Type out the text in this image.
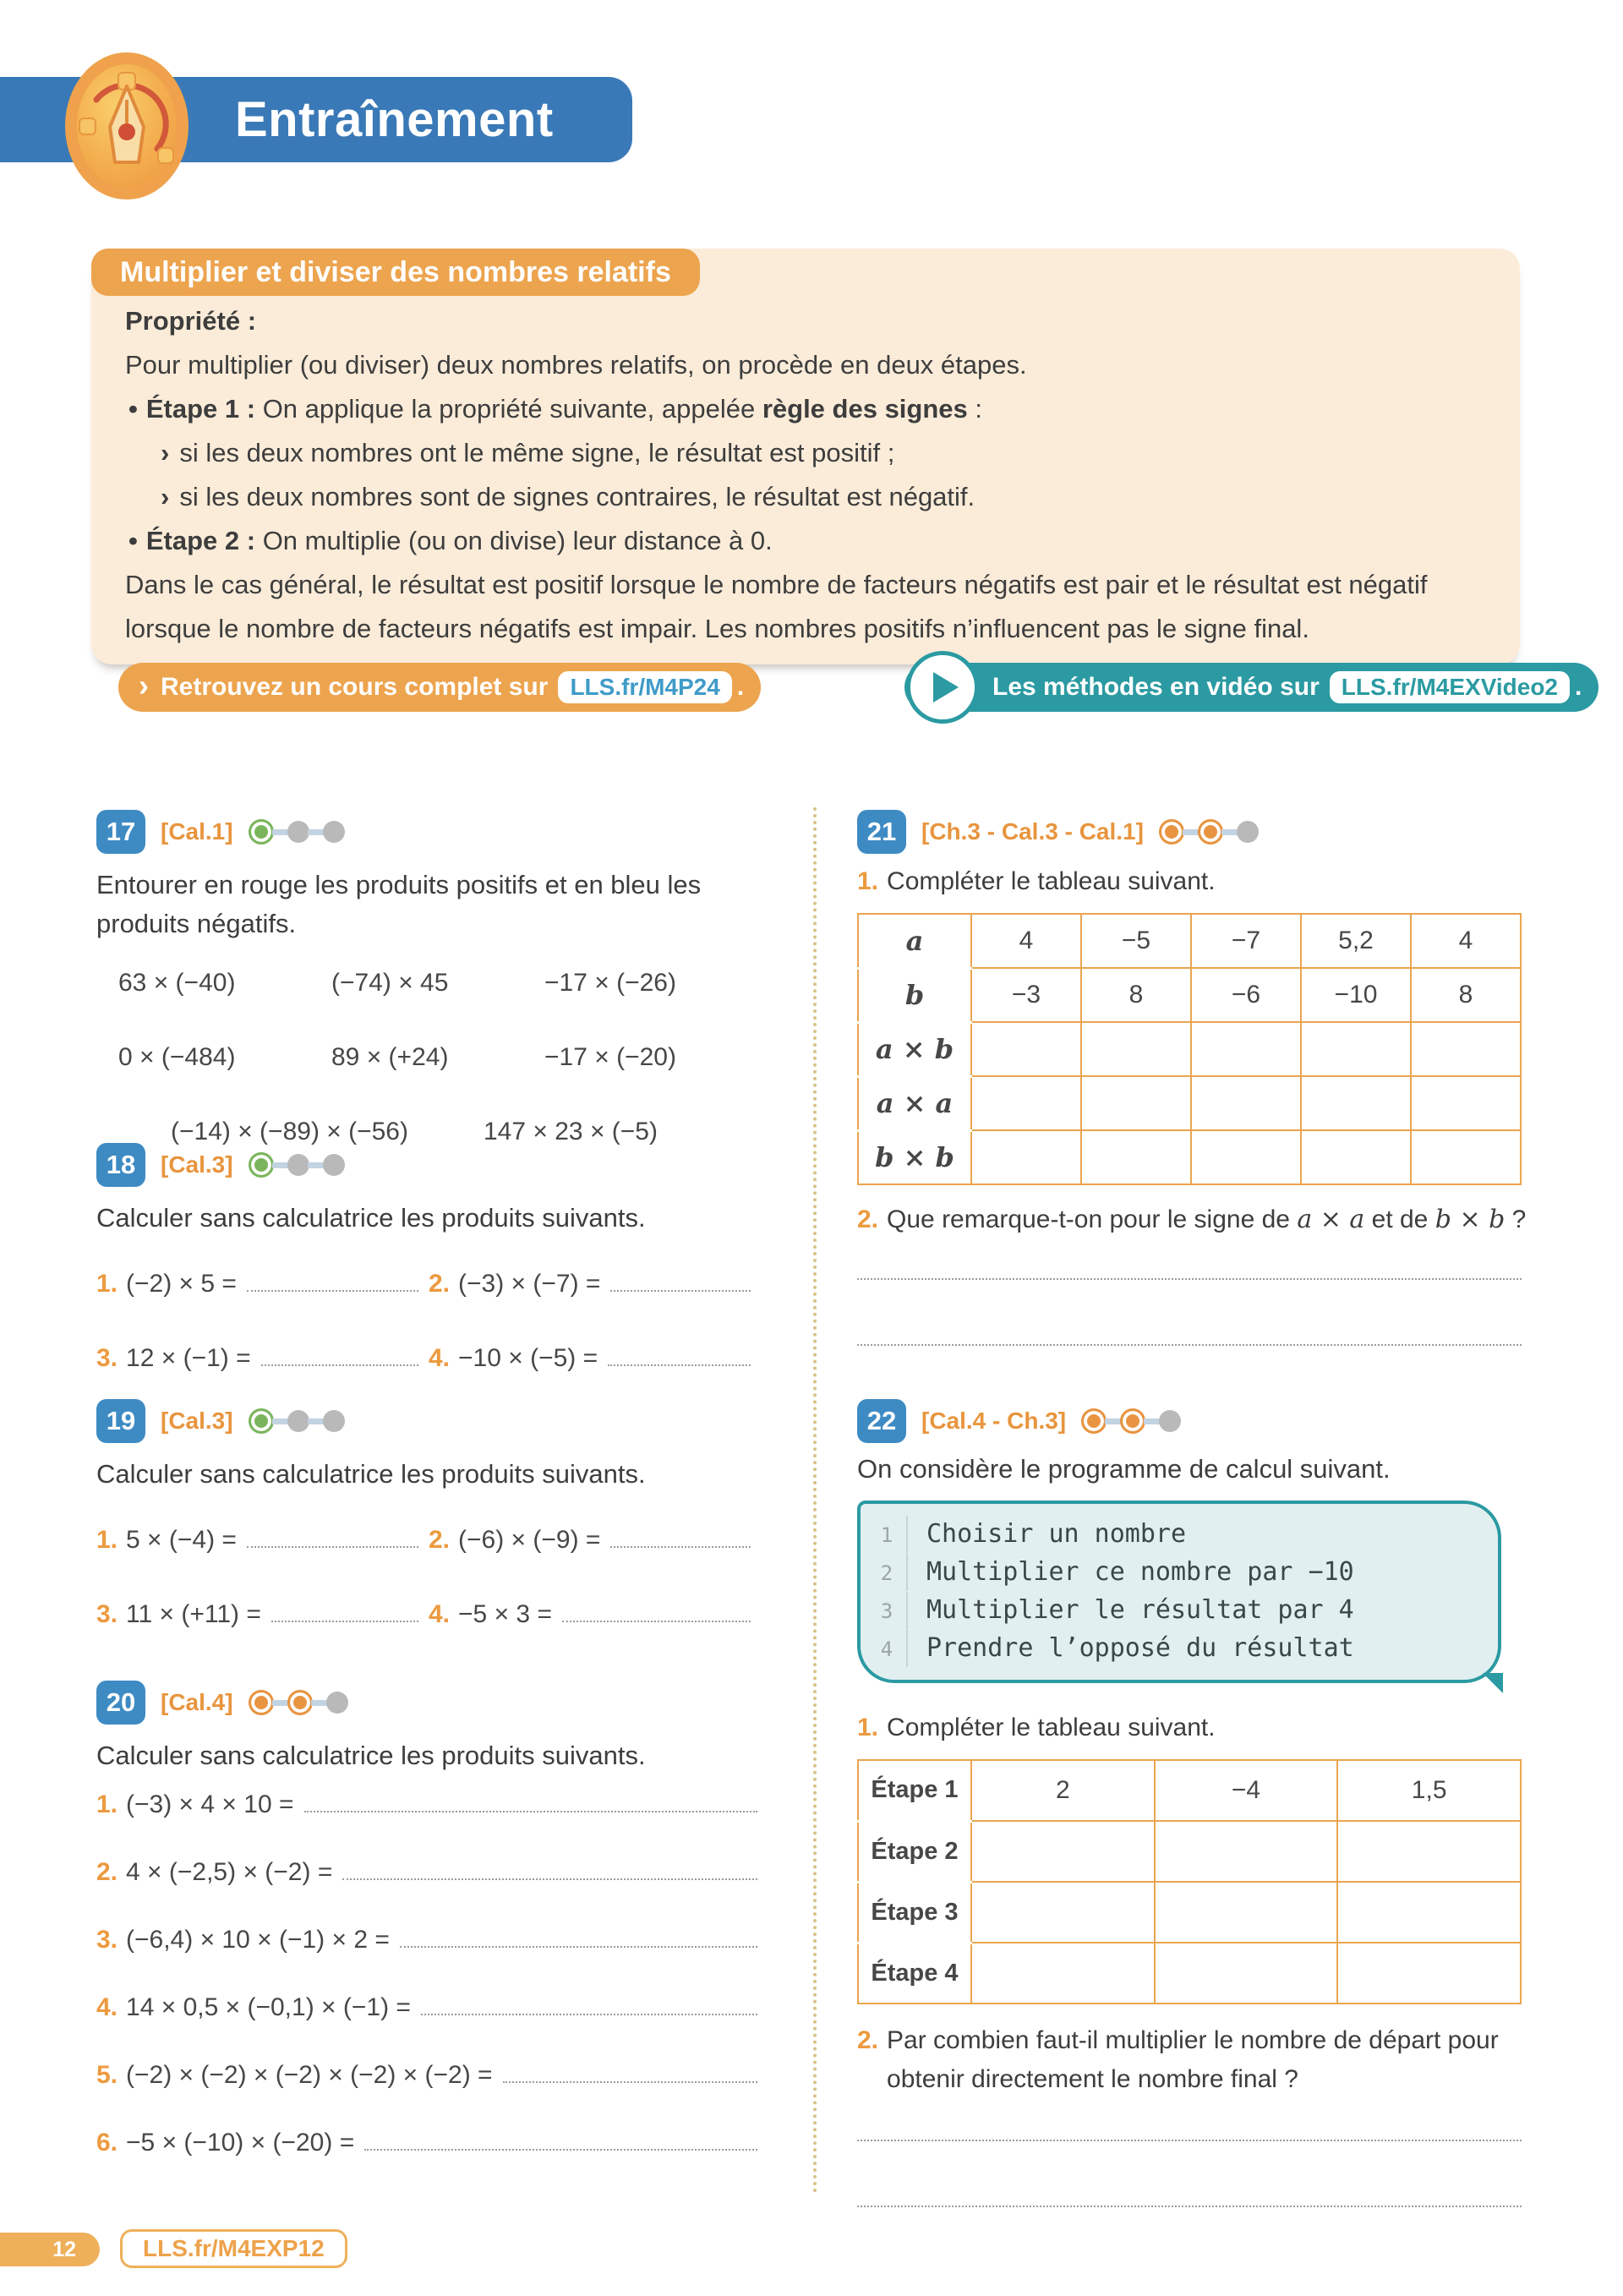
Entraînement
Multiplier et diviser des nombres relatifs
Propriété :
Pour multiplier (ou diviser) deux nombres relatifs, on procède en deux étapes.
• Étape 1 : On applique la propriété suivante, appelée règle des signes :
› si les deux nombres ont le même signe, le résultat est positif ;
› si les deux nombres sont de signes contraires, le résultat est négatif.
• Étape 2 : On multiplie (ou on divise) leur distance à 0.
Dans le cas général, le résultat est positif lorsque le nombre de facteurs négatifs est pair et le résultat est négatif lorsque le nombre de facteurs négatifs est impair. Les nombres positifs n’influencent pas le signe final.
› Retrouvez un cours complet sur LLS.fr/M4P24 .	Les méthodes en vidéo sur LLS.fr/M4EXVideo2 .
17	[Cal.1]
Entourer en rouge les produits positifs et en bleu les produits négatifs.
63 × (−40)	(−74) × 45	−17 × (−26)
0 × (−484)	89 × (+24)	−17 × (−20)
(−14) × (−89) × (−56)	147 × 23 × (−5)
18	[Cal.3]
Calculer sans calculatrice les produits suivants.
1. (−2) × 5 =	2. (−3) × (−7) =
3. 12 × (−1) =	4. −10 × (−5) =
19	[Cal.3]
Calculer sans calculatrice les produits suivants.
1. 5 × (−4) =	2. (−6) × (−9) =
3. 11 × (+11) =	4. −5 × 3 =
20	[Cal.4]
Calculer sans calculatrice les produits suivants.
1. (−3) × 4 × 10 =
2. 4 × (−2,5) × (−2) =
3. (−6,4) × 10 × (−1) × 2 =
4. 14 × 0,5 × (−0,1) × (−1) =
5. (−2) × (−2) × (−2) × (−2) × (−2) =
6. −5 × (−10) × (−20) =
21	[Ch.3 - Cal.3 - Cal.1]
1. Compléter le tableau suivant.
a	4	−5	−7	5,2	4
b	−3	8	−6	−10	8
a × b					
a × a					
b × b					
2. Que remarque-t-on pour le signe de a × a et de b × b ?
22	[Cal.4 - Ch.3]
On considère le programme de calcul suivant.
1	Choisir un nombre
2	Multiplier ce nombre par −10
3	Multiplier le résultat par 4
4	Prendre l’opposé du résultat
1. Compléter le tableau suivant.
Étape 1	2	−4	1,5
Étape 2			
Étape 3			
Étape 4			
2. Par combien faut-il multiplier le nombre de départ pour obtenir directement le nombre final ?
12	LLS.fr/M4EXP12
